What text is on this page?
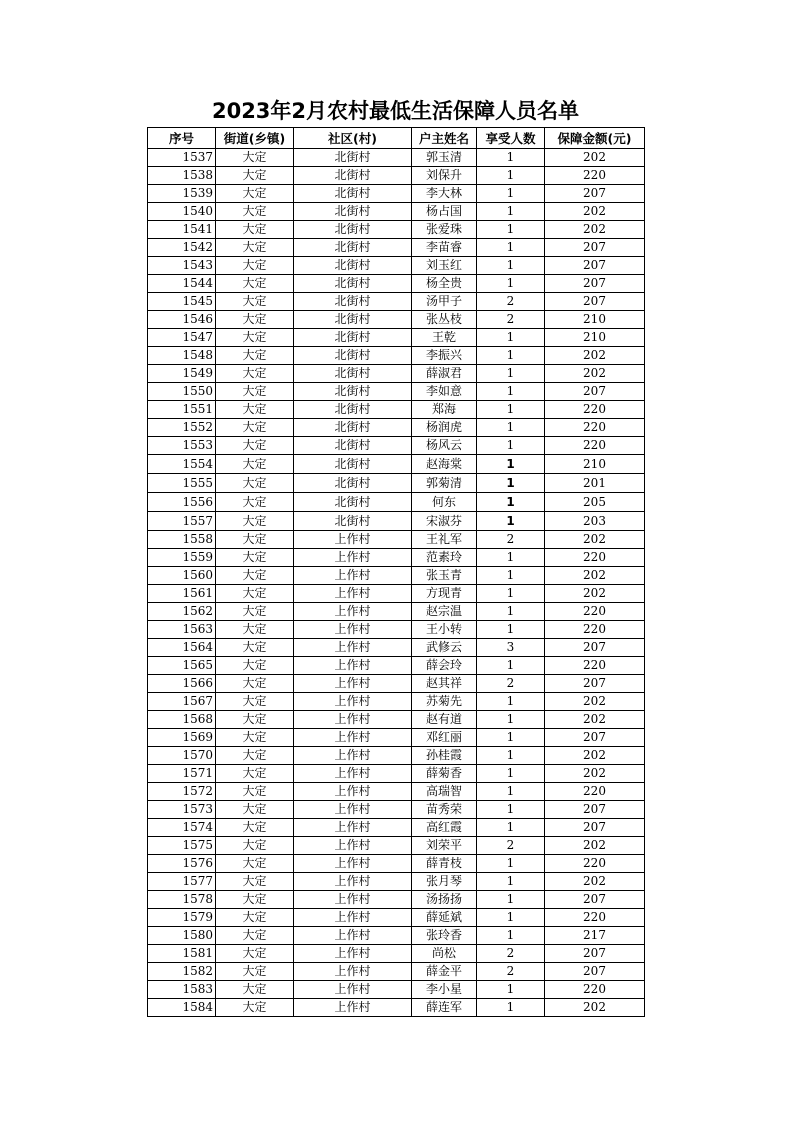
2023年2月农村最低生活保障人员名单
序号	街道(乡镇)	社区(村)	户主姓名	享受人数	保障金额(元)
1537	大定	北街村	郭玉清	1	202
1538	大定	北街村	刘保升	1	220
1539	大定	北街村	李大林	1	207
1540	大定	北街村	杨占国	1	202
1541	大定	北街村	张爱珠	1	202
1542	大定	北街村	李苗睿	1	207
1543	大定	北街村	刘玉红	1	207
1544	大定	北街村	杨全贵	1	207
1545	大定	北街村	汤甲子	2	207
1546	大定	北街村	张丛枝	2	210
1547	大定	北街村	王乾	1	210
1548	大定	北街村	李振兴	1	202
1549	大定	北街村	薛淑君	1	202
1550	大定	北街村	李如意	1	207
1551	大定	北街村	郑海	1	220
1552	大定	北街村	杨润虎	1	220
1553	大定	北街村	杨风云	1	220
1554	大定	北街村	赵海棠	1	210
1555	大定	北街村	郭菊清	1	201
1556	大定	北街村	何东	1	205
1557	大定	北街村	宋淑芬	1	203
1558	大定	上作村	王礼军	2	202
1559	大定	上作村	范素玲	1	220
1560	大定	上作村	张玉青	1	202
1561	大定	上作村	方现青	1	202
1562	大定	上作村	赵宗温	1	220
1563	大定	上作村	王小转	1	220
1564	大定	上作村	武修云	3	207
1565	大定	上作村	薛会玲	1	220
1566	大定	上作村	赵其祥	2	207
1567	大定	上作村	苏菊先	1	202
1568	大定	上作村	赵有道	1	202
1569	大定	上作村	邓红丽	1	207
1570	大定	上作村	孙桂霞	1	202
1571	大定	上作村	薛菊香	1	202
1572	大定	上作村	高瑞智	1	220
1573	大定	上作村	苗秀荣	1	207
1574	大定	上作村	高红霞	1	207
1575	大定	上作村	刘荣平	2	202
1576	大定	上作村	薛青枝	1	220
1577	大定	上作村	张月琴	1	202
1578	大定	上作村	汤扬扬	1	207
1579	大定	上作村	薛延斌	1	220
1580	大定	上作村	张玲香	1	217
1581	大定	上作村	尚松	2	207
1582	大定	上作村	薛金平	2	207
1583	大定	上作村	李小星	1	220
1584	大定	上作村	薛连军	1	202
